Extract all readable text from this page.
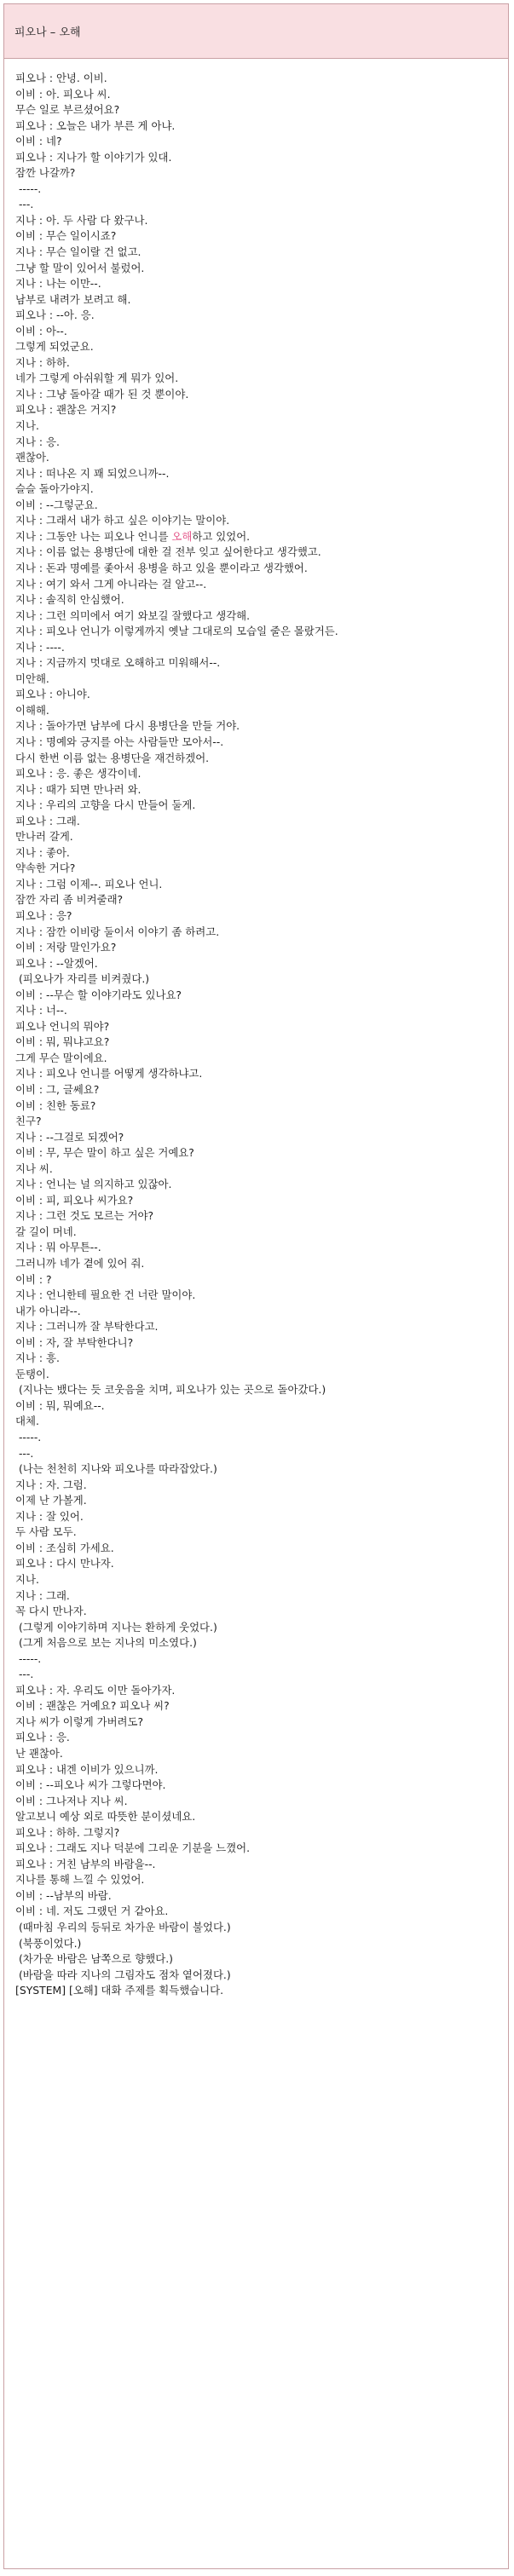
피오나 – 오해
피오나 : 안녕. 이비.
이비 : 아. 피오나 씨.
무슨 일로 부르셨어요?
피오나 : 오늘은 내가 부른 게 아냐.
이비 : 네?
피오나 : 지나가 할 이야기가 있대.
잠깐 나갈까?
-----.
---.
지나 : 아. 두 사람 다 왔구나.
이비 : 무슨 일이시죠?
지나 : 무슨 일이랄 건 없고.
그냥 할 말이 있어서 불렀어.
지나 : 나는 이만--.
남부로 내려가 보려고 해.
피오나 : --아. 응.
이비 : 아--.
그렇게 되었군요.
지나 : 하하.
네가 그렇게 아쉬워할 게 뭐가 있어.
지나 : 그냥 돌아갈 때가 된 것 뿐이야.
피오나 : 괜찮은 거지?
지나.
지나 : 응.
괜찮아.
지나 : 떠나온 지 꽤 되었으니까--.
슬슬 돌아가야지.
이비 : --그렇군요.
지나 : 그래서 내가 하고 싶은 이야기는 말이야.
지나 : 그동안 나는 피오나 언니를 오해하고 있었어.
지나 : 이름 없는 용병단에 대한 걸 전부 잊고 싶어한다고 생각했고.
지나 : 돈과 명예를 좇아서 용병을 하고 있을 뿐이라고 생각했어.
지나 : 여기 와서 그게 아니라는 걸 알고--.
지나 : 솔직히 안심했어.
지나 : 그런 의미에서 여기 와보길 잘했다고 생각해.
지나 : 피오나 언니가 이렇게까지 옛날 그대로의 모습일 줄은 몰랐거든.
지나 : ----.
지나 : 지금까지 멋대로 오해하고 미워해서--.
미안해.
피오나 : 아니야.
이해해.
지나 : 돌아가면 남부에 다시 용병단을 만들 거야.
지나 : 명예와 긍지를 아는 사람들만 모아서--.
다시 한번 이름 없는 용병단을 재건하겠어.
피오나 : 응. 좋은 생각이네.
지나 : 때가 되면 만나러 와.
지나 : 우리의 고향을 다시 만들어 둘게.
피오나 : 그래.
만나러 갈게.
지나 : 좋아.
약속한 거다?
지나 : 그럼 이제--. 피오나 언니.
잠깐 자리 좀 비켜줄래?
피오나 : 응?
지나 : 잠깐 이비랑 둘이서 이야기 좀 하려고.
이비 : 저랑 말인가요?
피오나 : --알겠어.
(피오나가 자리를 비켜줬다.)
이비 : --무슨 할 이야기라도 있나요?
지나 : 너--.
피오나 언니의 뭐야?
이비 : 뭐, 뭐냐고요?
그게 무슨 말이에요.
지나 : 피오나 언니를 어떻게 생각하냐고.
이비 : 그, 글쎄요?
이비 : 친한 동료?
친구?
지나 : --그걸로 되겠어?
이비 : 무, 무슨 말이 하고 싶은 거예요?
지나 씨.
지나 : 언니는 널 의지하고 있잖아.
이비 : 피, 피오나 씨가요?
지나 : 그런 것도 모르는 거야?
갈 길이 머네.
지나 : 뭐 아무튼--.
그러니까 네가 곁에 있어 줘.
이비 : ?
지나 : 언니한테 필요한 건 너란 말이야.
내가 아니라--.
지나 : 그러니까 잘 부탁한다고.
이비 : 자, 잘 부탁한다니?
지나 : 흥.
둔탱이.
(지나는 뱄다는 듯 코웃음을 치며, 피오나가 있는 곳으로 돌아갔다.)
이비 : 뭐, 뭐예요--.
대체.
-----.
---.
(나는 천천히 지나와 피오나를 따라잡았다.)
지나 : 자. 그럼.
이제 난 가볼게.
지나 : 잘 있어.
두 사람 모두.
이비 : 조심히 가세요.
피오나 : 다시 만나자.
지나.
지나 : 그래.
꼭 다시 만나자.
(그렇게 이야기하며 지나는 환하게 웃었다.)
(그게 처음으로 보는 지나의 미소였다.)
-----.
---.
피오나 : 자. 우리도 이만 돌아가자.
이비 : 괜찮은 거예요? 피오나 씨?
지나 씨가 이렇게 가버려도?
피오나 : 응.
난 괜찮아.
피오나 : 내겐 이비가 있으니까.
이비 : --피오나 씨가 그렇다면야.
이비 : 그나저나 지나 씨.
알고보니 예상 외로 따뜻한 분이셨네요.
피오나 : 하하. 그렇지?
피오나 : 그래도 지나 덕분에 그리운 기분을 느꼈어.
피오나 : 거친 남부의 바람을--.
지나를 통해 느낄 수 있었어.
이비 : --남부의 바람.
이비 : 네. 저도 그랬던 거 같아요.
(때마침 우리의 등뒤로 차가운 바람이 불었다.)
(북풍이었다.)
(차가운 바람은 남쪽으로 향했다.)
(바람을 따라 지나의 그림자도 점차 옅어졌다.)
[SYSTEM] [오해] 대화 주제를 획득했습니다.
